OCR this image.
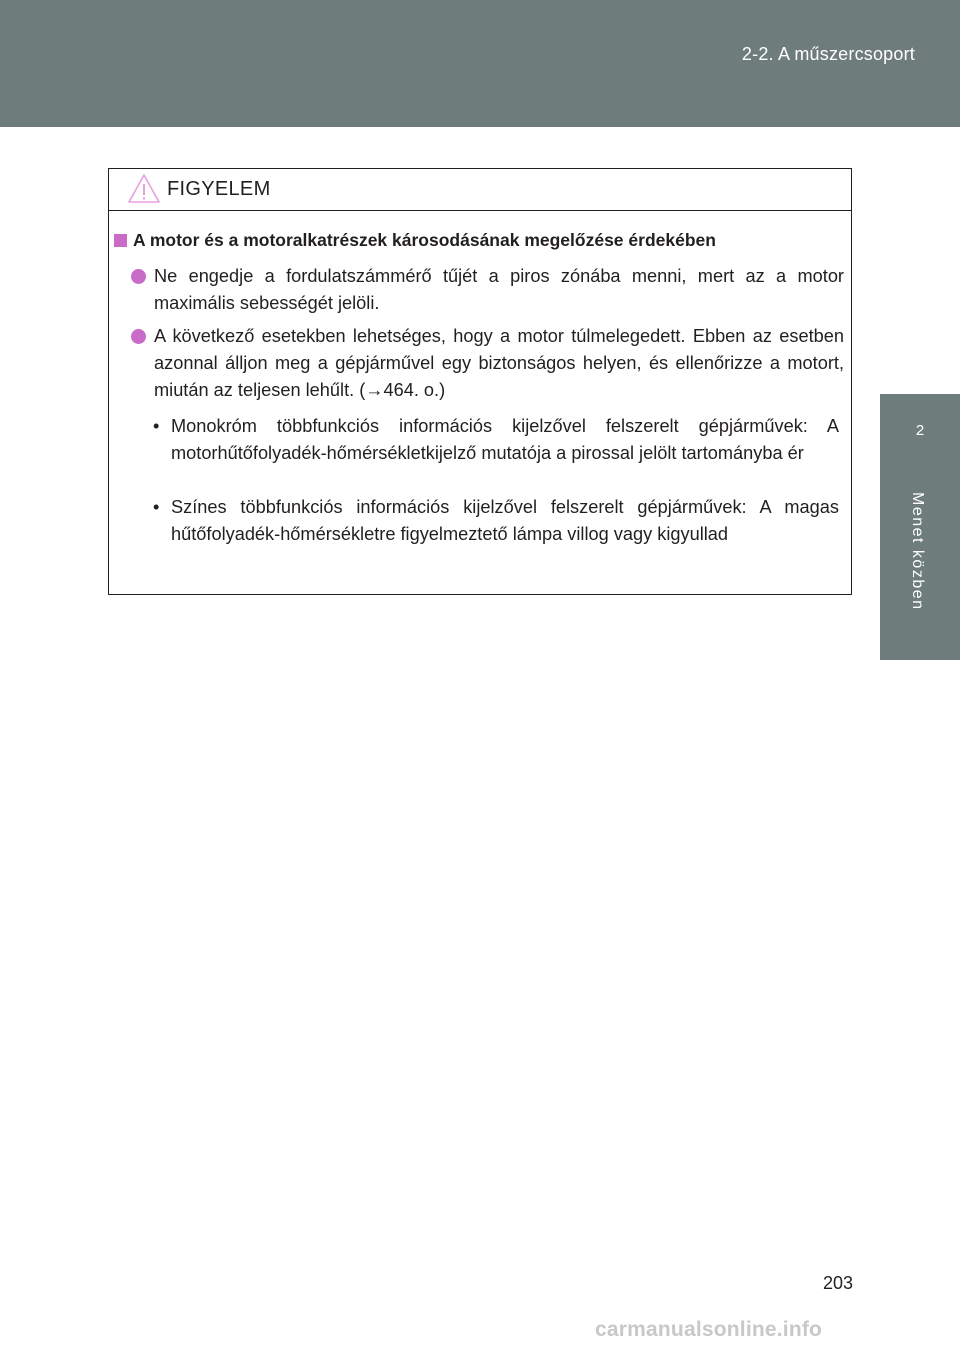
2-2. A műszercsoport
2
Menet közben
FIGYELEM
A motor és a motoralkatrészek károsodásának megelőzése érdekében
Ne engedje a fordulatszámmérő tűjét a piros zónába menni, mert az a motor maximális sebességét jelöli.
A következő esetekben lehetséges, hogy a motor túlmelegedett. Ebben az esetben azonnal álljon meg a gépjárművel egy biztonságos helyen, és ellenőrizze a motort, miután az teljesen lehűlt. (→464. o.)
• Monokróm többfunkciós információs kijelzővel felszerelt gépjárművek: A motorhűtőfolyadék-hőmérsékletkijelző mutatója a pirossal jelölt tartományba ér
• Színes többfunkciós információs kijelzővel felszerelt gépjárművek: A magas hűtőfolyadék-hőmérsékletre figyelmeztető lámpa villog vagy kigyullad
203
carmanualsonline.info
